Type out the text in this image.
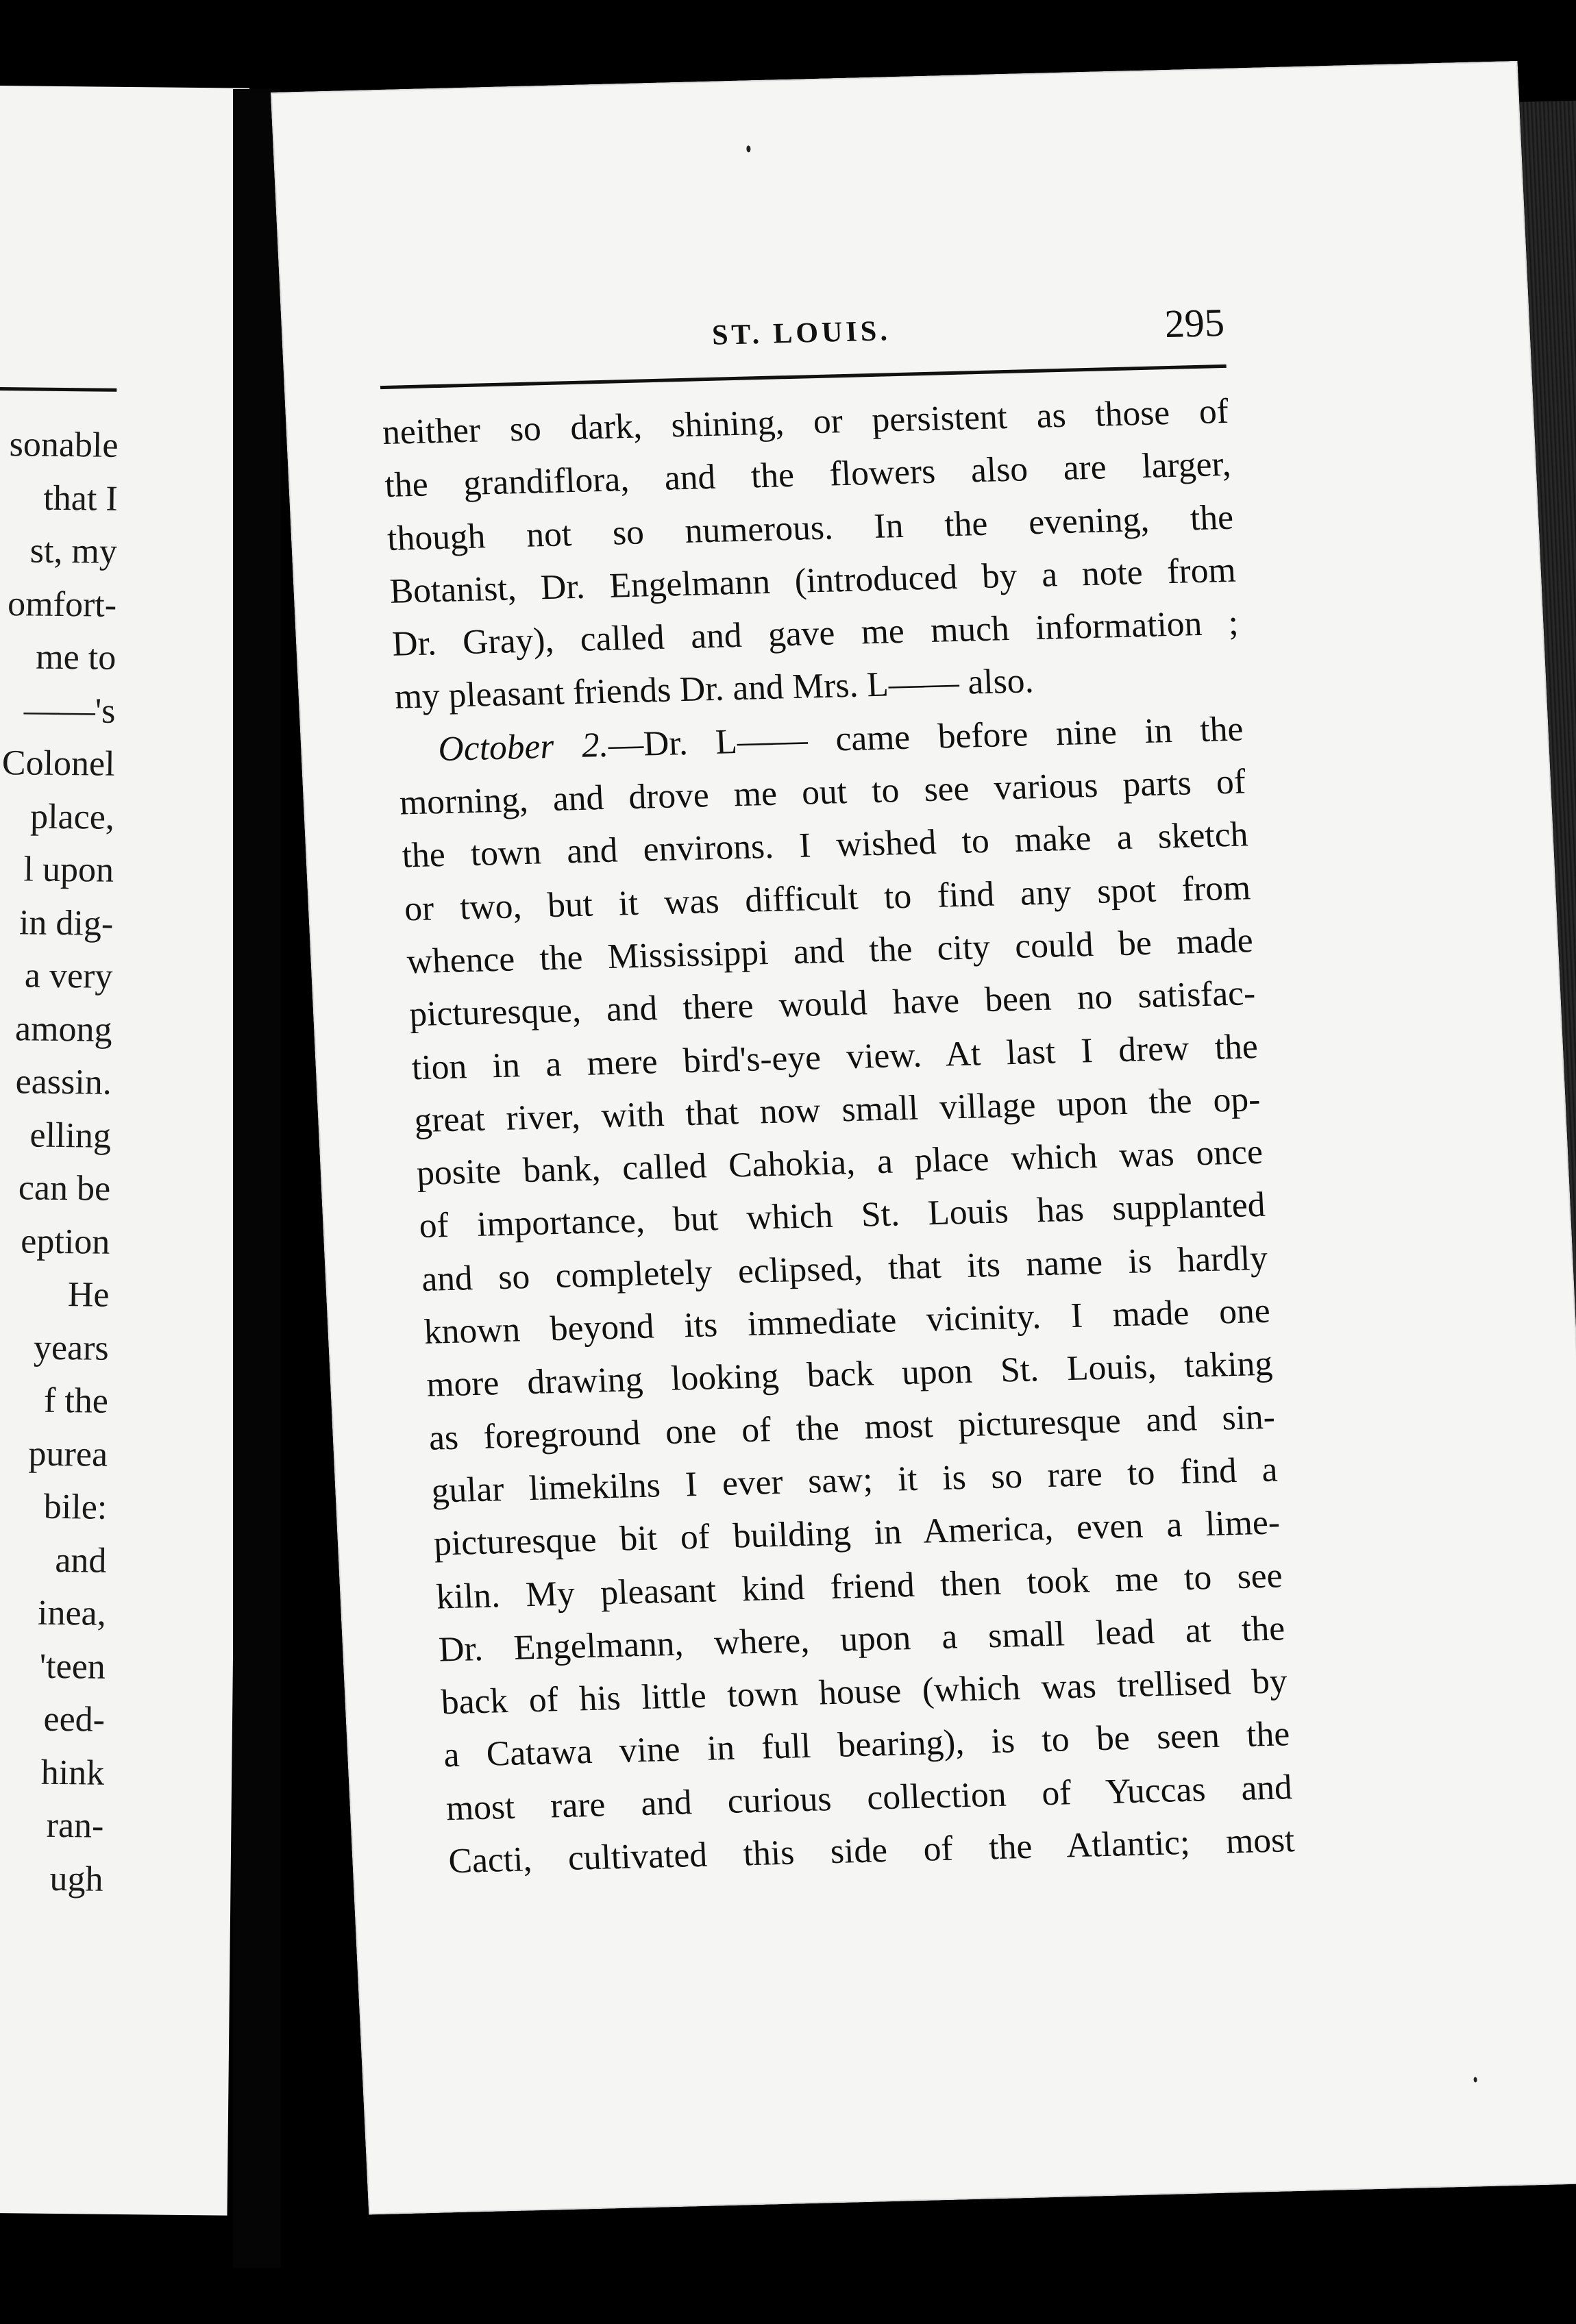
sonable
that I
st, my
omfort-
me to
——'s
Colonel
place,
l upon
in dig-
a very
among
eassin.
elling
can be
eption
He
years
f the
purea
bile:
and
inea,
'teen
eed-
hink
ran-
ugh
ST. LOUIS.	295
neither so dark, shining, or persistent as those of
the grandiflora, and the flowers also are larger,
though not so numerous. In the evening, the
Botanist, Dr. Engelmann (introduced by a note from
Dr. Gray), called and gave me much information ;
my pleasant friends Dr. and Mrs. L—— also.
October 2.—Dr. L—— came before nine in the
morning, and drove me out to see various parts of
the town and environs. I wished to make a sketch
or two, but it was difficult to find any spot from
whence the Mississippi and the city could be made
picturesque, and there would have been no satisfac-
tion in a mere bird's-eye view. At last I drew the
great river, with that now small village upon the op-
posite bank, called Cahokia, a place which was once
of importance, but which St. Louis has supplanted
and so completely eclipsed, that its name is hardly
known beyond its immediate vicinity. I made one
more drawing looking back upon St. Louis, taking
as foreground one of the most picturesque and sin-
gular limekilns I ever saw; it is so rare to find a
picturesque bit of building in America, even a lime-
kiln. My pleasant kind friend then took me to see
Dr. Engelmann, where, upon a small lead at the
back of his little town house (which was trellised by
a Catawa vine in full bearing), is to be seen the
most rare and curious collection of Yuccas and
Cacti, cultivated this side of the Atlantic; most
